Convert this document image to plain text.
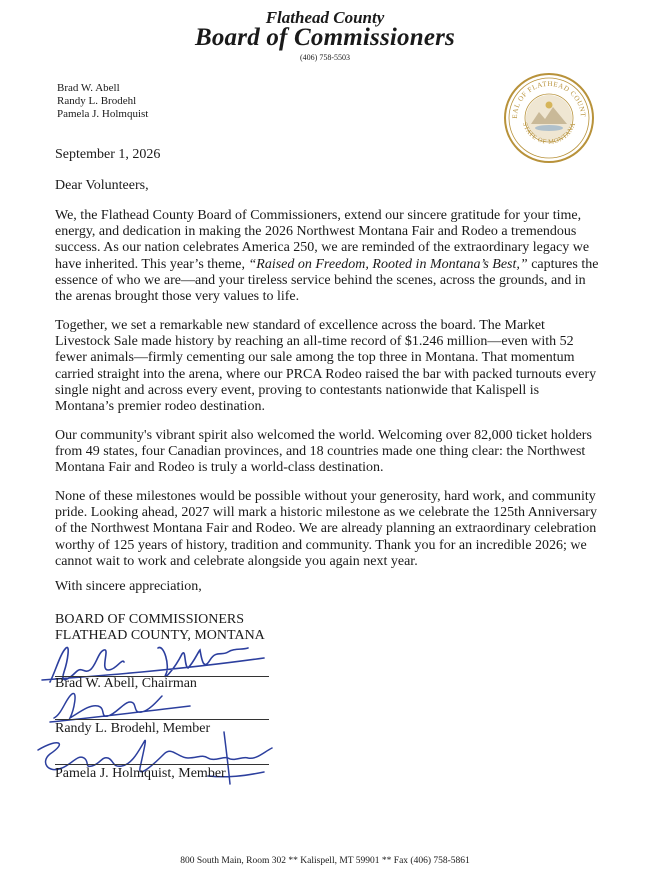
Flathead County

Board of Commissioners

(406) 758-5503

Brad W. Abell
Randy L. Brodehl
Pamela J. Holmquist	EAL OF FLATHEAD COUNT
STATE OF MONTANA
September 1, 2026
Dear Volunteers,

We, the Flathead County Board of Commissioners, extend our sincere gratitude for your time, energy, and dedication in making the 2026 Northwest Montana Fair and Rodeo a tremendous success. As our nation celebrates America 250, we are reminded of the extraordinary legacy we have inherited. This year’s theme, “Raised on Freedom, Rooted in Montana’s Best,” captures the essence of who we are—and your tireless service behind the scenes, across the grounds, and in the arenas brought those very values to life.

Together, we set a remarkable new standard of excellence across the board. The Market Livestock Sale made history by reaching an all-time record of $1.246 million—even with 52 fewer animals—firmly cementing our sale among the top three in Montana. That momentum carried straight into the arena, where our PRCA Rodeo raised the bar with packed turnouts every single night and across every event, proving to contestants nationwide that Kalispell is Montana’s premier rodeo destination.

Our community's vibrant spirit also welcomed the world. Welcoming over 82,000 ticket holders from 49 states, four Canadian provinces, and 18 countries made one thing clear: the Northwest Montana Fair and Rodeo is truly a world-class destination.

None of these milestones would be possible without your generosity, hard work, and community pride. Looking ahead, 2027 will mark a historic milestone as we celebrate the 125th Anniversary of the Northwest Montana Fair and Rodeo. We are already planning an extraordinary celebration worthy of 125 years of history, tradition and community. Thank you for an incredible 2026; we cannot wait to work and celebrate alongside you again next year.

With sincere appreciation,
BOARD OF COMMISSIONERS
FLATHEAD COUNTY, MONTANA
Brad W. Abell, Chairman
Randy L. Brodehl, Member
Pamela J. Holmquist, Member
800 South Main, Room 302 ** Kalispell, MT 59901 ** Fax (406) 758-5861
